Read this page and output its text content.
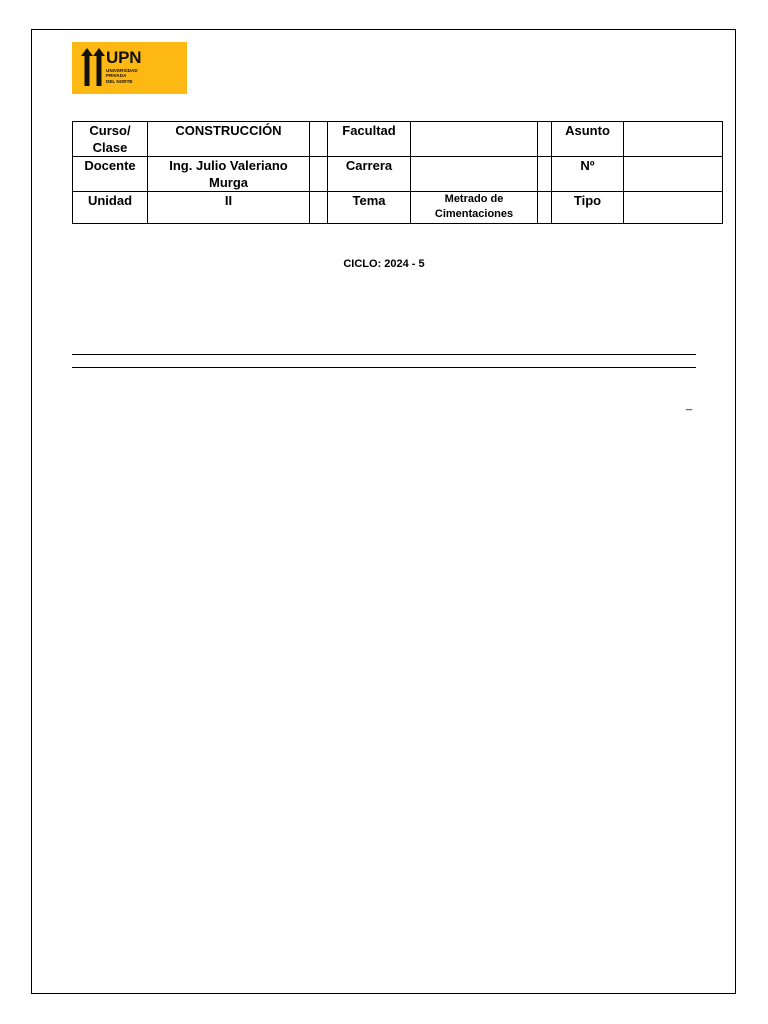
UPN
UNIVERSIDAD
PRIVADA
DEL NORTE
Curso/ Clase	CONSTRUCCIÓN		Facultad			Asunto	
Docente	Ing. Julio Valeriano Murga		Carrera			Nº	
Unidad	II		Tema	Metrado de Cimentaciones		Tipo	
CICLO: 2024 - 5
_
